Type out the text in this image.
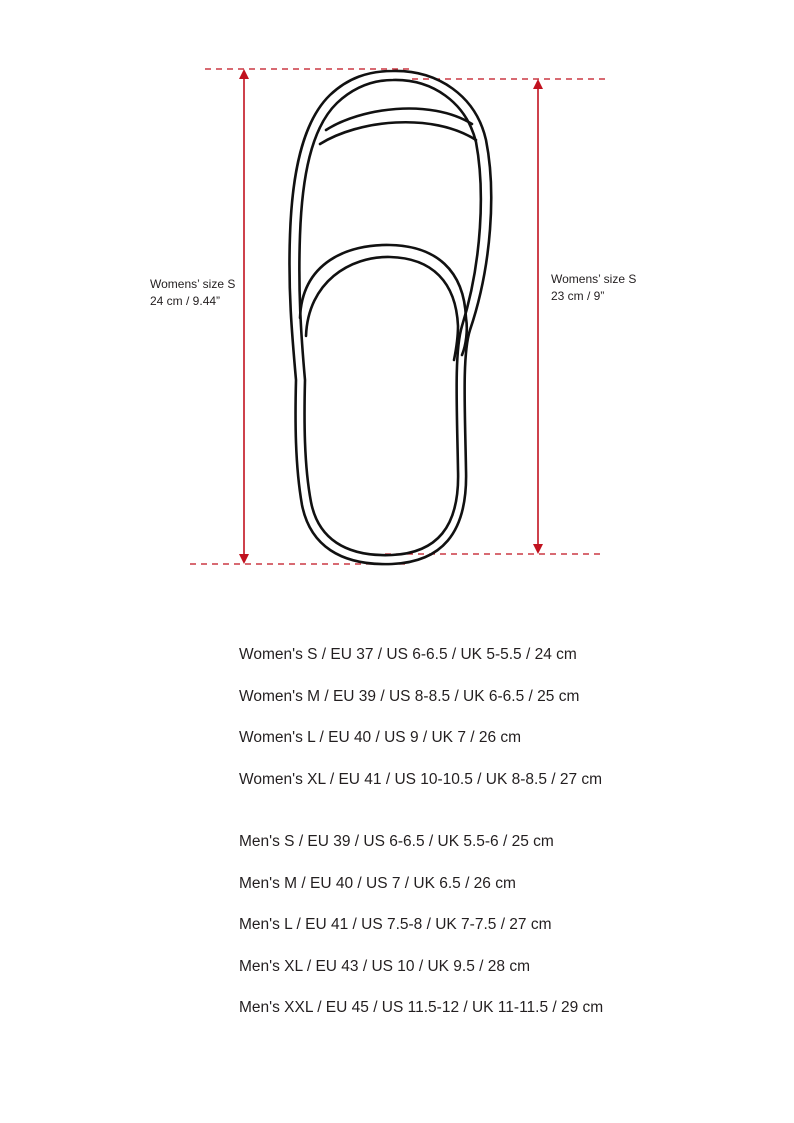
Womens’ size S
24 cm / 9.44”
Womens’ size S
23 cm / 9”
Women's S / EU 37 / US 6-6.5 / UK 5-5.5 / 24 cm
Women's M / EU 39 / US 8-8.5 / UK 6-6.5 / 25 cm
Women's L / EU 40 / US 9 / UK 7 / 26 cm
Women's XL / EU 41 / US 10-10.5 / UK 8-8.5 / 27 cm
Men's S / EU 39 / US 6-6.5 / UK 5.5-6 / 25 cm
Men's M / EU 40 / US 7 / UK 6.5 / 26 cm
Men's L / EU 41 / US 7.5-8 / UK 7-7.5 / 27 cm
Men's XL / EU 43 / US 10 / UK 9.5 / 28 cm
Men's XXL / EU 45 / US 11.5-12 / UK 11-11.5 / 29 cm
